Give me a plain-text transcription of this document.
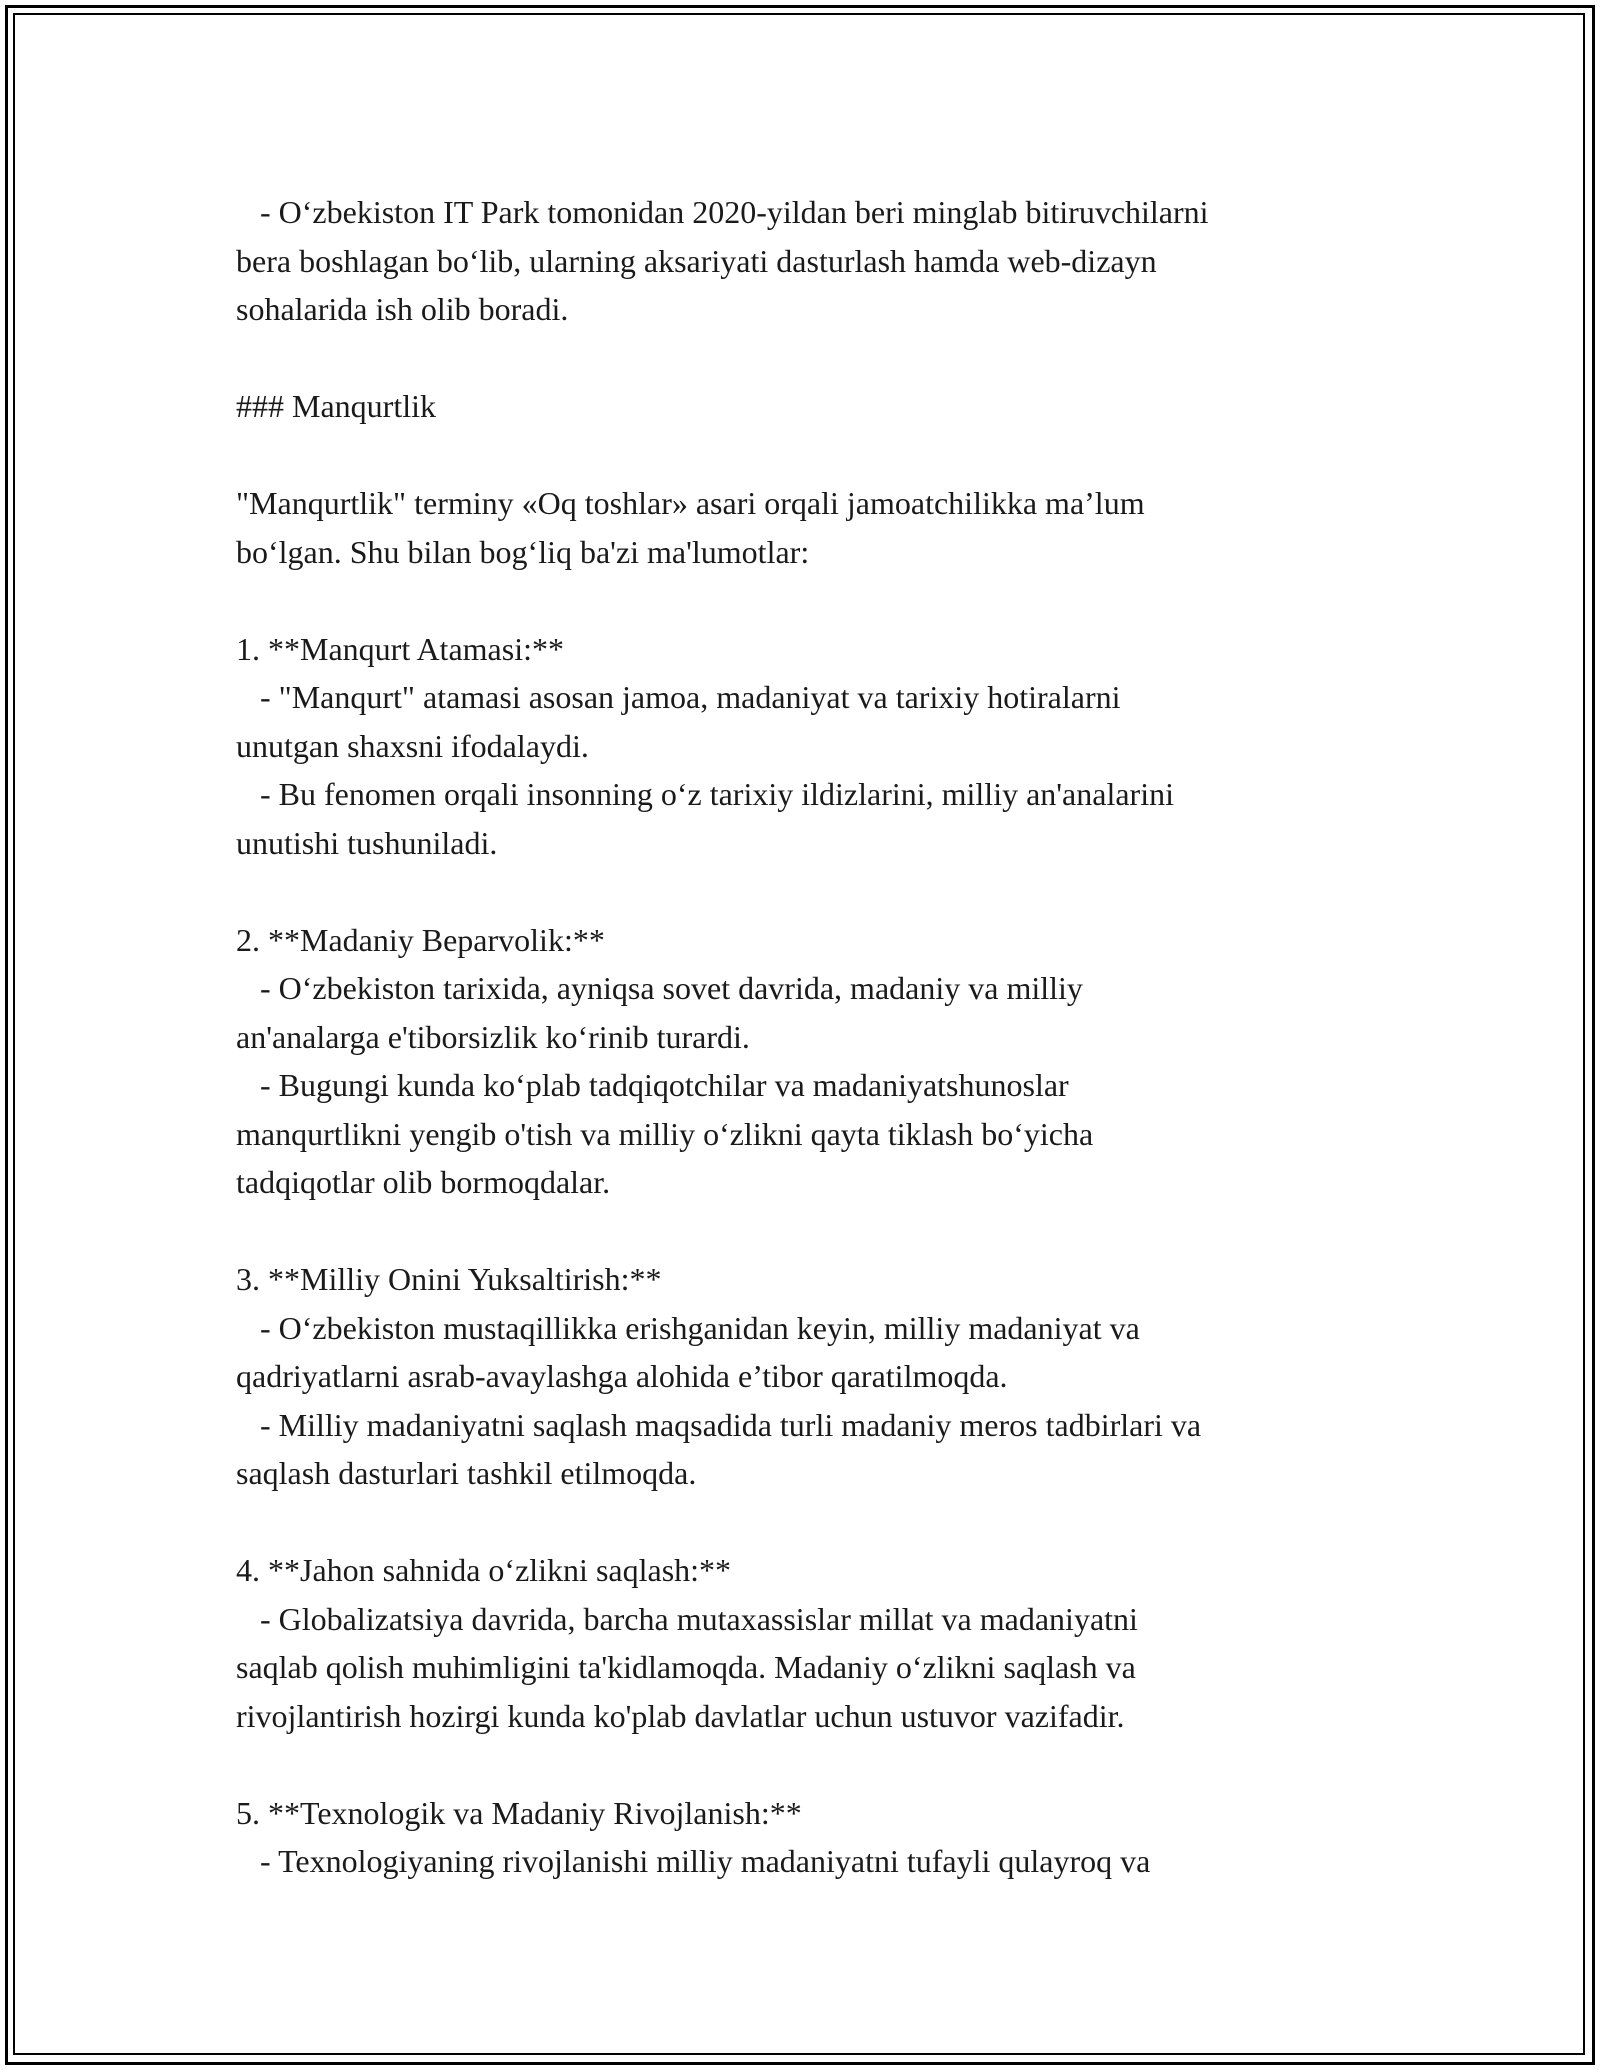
- O‘zbekiston IT Park tomonidan 2020-yildan beri minglab bitiruvchilarni

bera boshlagan bo‘lib, ularning aksariyati dasturlash hamda web-dizayn

sohalarida ish olib boradi.

### Manqurtlik

"Manqurtlik" terminy «Oq toshlar» asari orqali jamoatchilikka ma’lum

bo‘lgan. Shu bilan bog‘liq ba'zi ma'lumotlar:

1. **Manqurt Atamasi:**

- "Manqurt" atamasi asosan jamoa, madaniyat va tarixiy hotiralarni

unutgan shaxsni ifodalaydi.

- Bu fenomen orqali insonning o‘z tarixiy ildizlarini, milliy an'analarini

unutishi tushuniladi.

2. **Madaniy Beparvolik:**

- O‘zbekiston tarixida, ayniqsa sovet davrida, madaniy va milliy

an'analarga e'tiborsizlik ko‘rinib turardi.

- Bugungi kunda ko‘plab tadqiqotchilar va madaniyatshunoslar

manqurtlikni yengib o'tish va milliy o‘zlikni qayta tiklash bo‘yicha

tadqiqotlar olib bormoqdalar.

3. **Milliy Onini Yuksaltirish:**

- O‘zbekiston mustaqillikka erishganidan keyin, milliy madaniyat va

qadriyatlarni asrab-avaylashga alohida e’tibor qaratilmoqda.

- Milliy madaniyatni saqlash maqsadida turli madaniy meros tadbirlari va

saqlash dasturlari tashkil etilmoqda.

4. **Jahon sahnida o‘zlikni saqlash:**

- Globalizatsiya davrida, barcha mutaxassislar millat va madaniyatni

saqlab qolish muhimligini ta'kidlamoqda. Madaniy o‘zlikni saqlash va

rivojlantirish hozirgi kunda ko'plab davlatlar uchun ustuvor vazifadir.

5. **Texnologik va Madaniy Rivojlanish:**

- Texnologiyaning rivojlanishi milliy madaniyatni tufayli qulayroq va
